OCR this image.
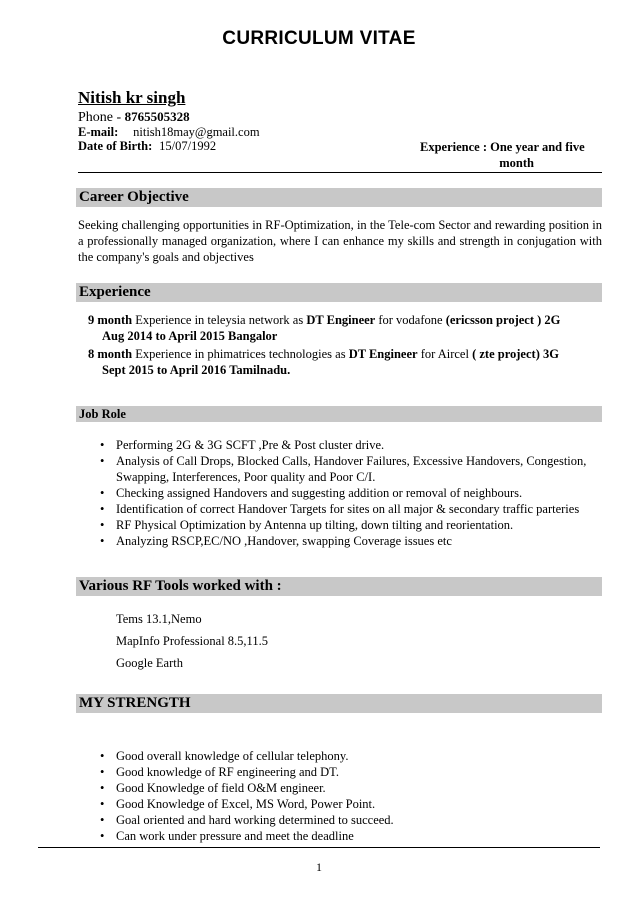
CURRICULUM VITAE
Nitish kr singh
Phone - 8765505328
E-mail: nitish18may@gmail.com
Date of Birth: 15/07/1992	Experience : One year and five
month
Career Objective
Seeking challenging opportunities in RF-Optimization, in the Tele-com Sector and rewarding position in a professionally managed organization, where I can enhance my skills and strength in conjugation with the company's goals and objectives
Experience
9 month Experience in teleysia network as DT Engineer for vodafone (ericsson project ) 2G
Aug 2014 to April 2015 Bangalor
8 month Experience in phimatrices technologies as DT Engineer for Aircel ( zte project) 3G
Sept 2015 to April 2016 Tamilnadu.
Job Role
• Performing 2G & 3G SCFT ,Pre & Post cluster drive.
• Analysis of Call Drops, Blocked Calls, Handover Failures, Excessive Handovers, Congestion, Swapping, Interferences, Poor quality and Poor C/I.
• Checking assigned Handovers and suggesting addition or removal of neighbours.
• Identification of correct Handover Targets for sites on all major & secondary traffic parteries
• RF Physical Optimization by Antenna up tilting, down tilting and reorientation.
• Analyzing RSCP,EC/NO ,Handover, swapping Coverage issues etc
Various RF Tools worked with :
Tems 13.1,Nemo
MapInfo Professional 8.5,11.5
Google Earth
MY STRENGTH
• Good overall knowledge of cellular telephony.
• Good knowledge of RF engineering and DT.
• Good Knowledge of field O&M engineer.
• Good Knowledge of Excel, MS Word, Power Point.
• Goal oriented and hard working determined to succeed.
• Can work under pressure and meet the deadline
1
